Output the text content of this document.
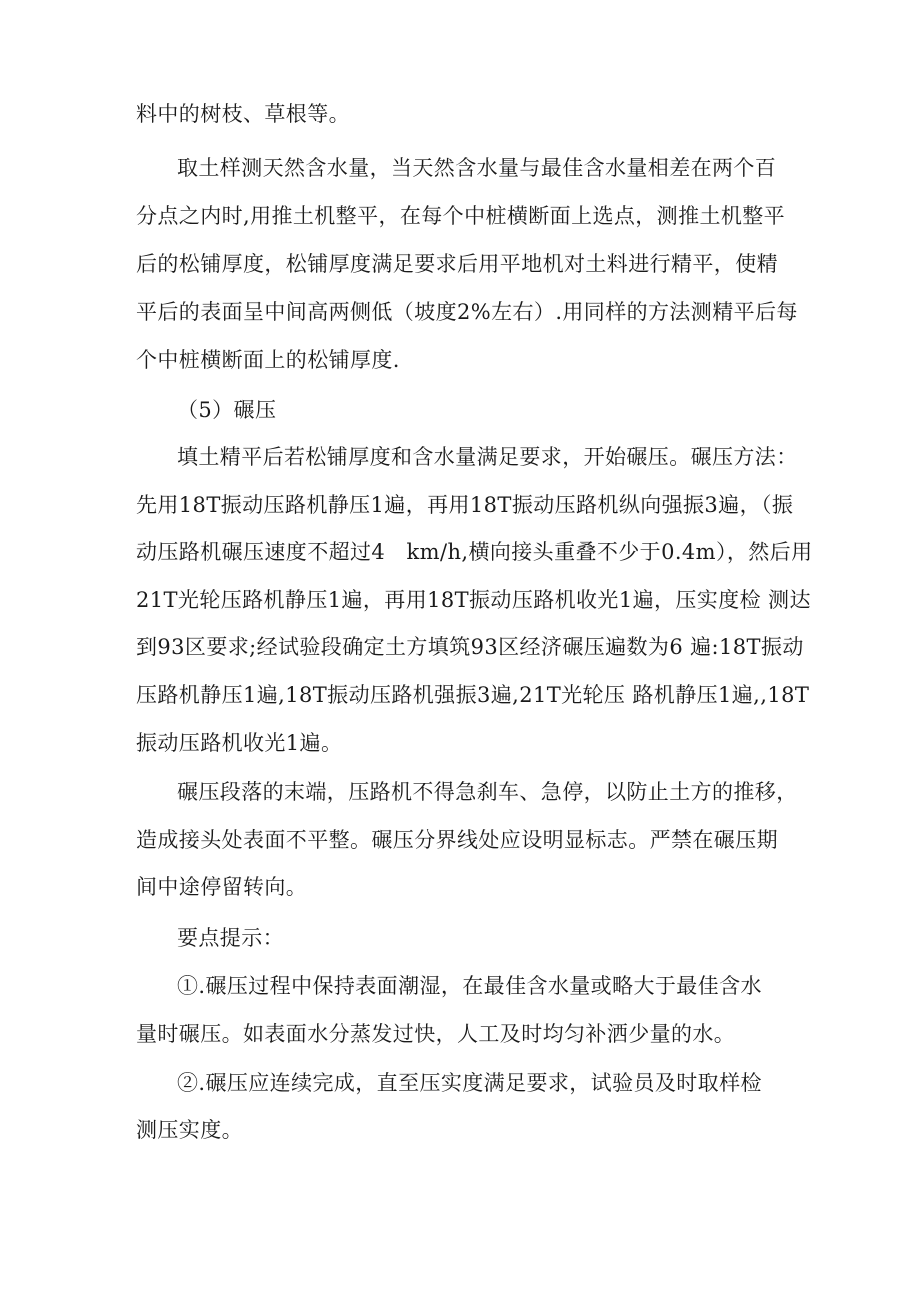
料中的树枝、草根等。
取土样测天然含水量，当天然含水量与最佳含水量相差在两个百
分点之内时,用推土机整平，在每个中桩横断面上选点，测推土机整平
后的松铺厚度，松铺厚度满足要求后用平地机对土料进行精平，使精
平后的表面呈中间高两侧低（坡度2%左右）.用同样的方法测精平后每
个中桩横断面上的松铺厚度.
（5）碾压
填土精平后若松铺厚度和含水量满足要求，开始碾压。碾压方法：
先用18T振动压路机静压1遍，再用18T振动压路机纵向强振3遍，（振
动压路机碾压速度不超过4　km/h,横向接头重叠不少于0.4m），然后用
21T光轮压路机静压1遍，再用18T振动压路机收光1遍，压实度检 测达
到93区要求;经试验段确定土方填筑93区经济碾压遍数为6 遍:18T振动
压路机静压1遍,18T振动压路机强振3遍,21T光轮压 路机静压1遍,,18T
振动压路机收光1遍。
碾压段落的末端，压路机不得急刹车、急停，以防止土方的推移，
造成接头处表面不平整。碾压分界线处应设明显标志。严禁在碾压期
间中途停留转向。
要点提示：
①.碾压过程中保持表面潮湿，在最佳含水量或略大于最佳含水
量时碾压。如表面水分蒸发过快，人工及时均匀补洒少量的水。
②.碾压应连续完成，直至压实度满足要求，试验员及时取样检
测压实度。
